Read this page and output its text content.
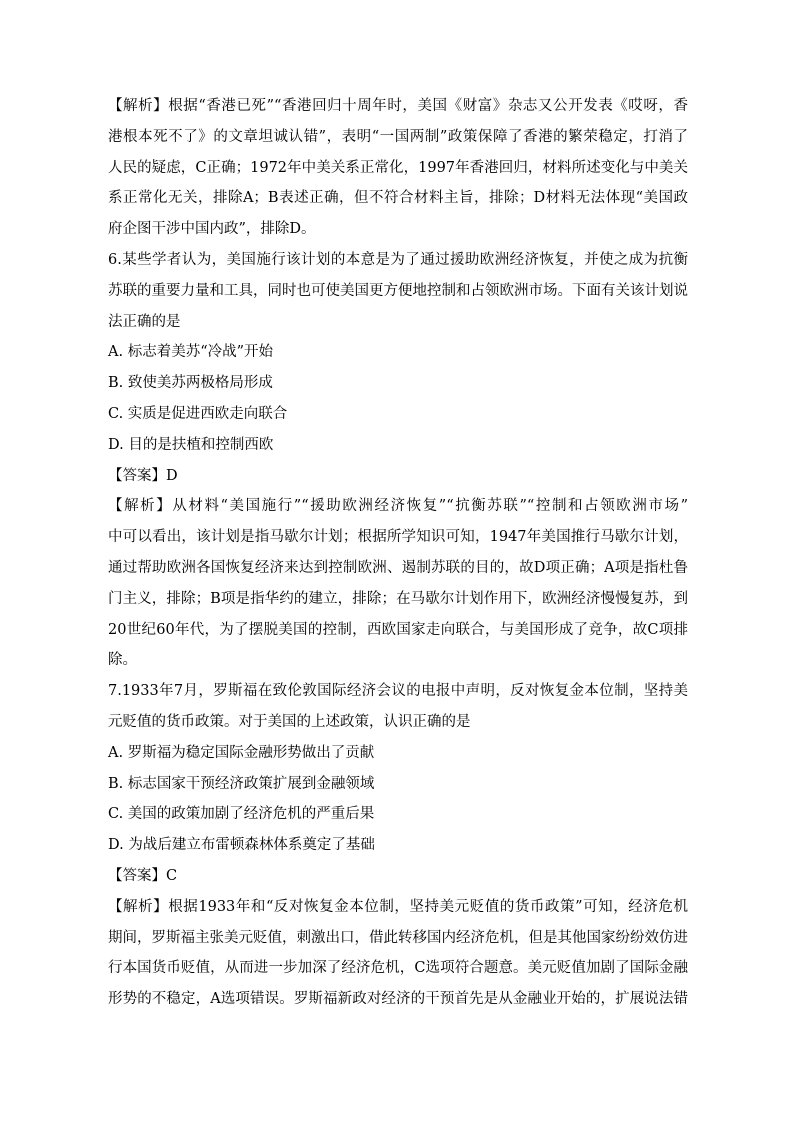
【解析】根据“香港已死”“香港回归十周年时，美国《财富》杂志又公开发表《哎呀，香
港根本死不了》的文章坦诚认错”，表明“一国两制”政策保障了香港的繁荣稳定，打消了
人民的疑虑，C正确；1972年中美关系正常化，1997年香港回归，材料所述变化与中美关
系正常化无关，排除A；B表述正确，但不符合材料主旨，排除；D材料无法体现“美国政
府企图干涉中国内政”，排除D。
6.某些学者认为，美国施行该计划的本意是为了通过援助欧洲经济恢复，并使之成为抗衡
苏联的重要力量和工具，同时也可使美国更方便地控制和占领欧洲市场。下面有关该计划说
法正确的是
A. 标志着美苏“冷战”开始
B. 致使美苏两极格局形成
C. 实质是促进西欧走向联合
D. 目的是扶植和控制西欧
【答案】D
【解析】从材料“美国施行”“援助欧洲经济恢复”“抗衡苏联”“控制和占领欧洲市场”
中可以看出，该计划是指马歇尔计划；根据所学知识可知，1947年美国推行马歇尔计划，
通过帮助欧洲各国恢复经济来达到控制欧洲、遏制苏联的目的，故D项正确；A项是指杜鲁
门主义，排除；B项是指华约的建立，排除；在马歇尔计划作用下，欧洲经济慢慢复苏，到
20世纪60年代，为了摆脱美国的控制，西欧国家走向联合，与美国形成了竞争，故C项排
除。
7.1933年7月，罗斯福在致伦敦国际经济会议的电报中声明，反对恢复金本位制，坚持美
元贬值的货币政策。对于美国的上述政策，认识正确的是
A. 罗斯福为稳定国际金融形势做出了贡献
B. 标志国家干预经济政策扩展到金融领域
C. 美国的政策加剧了经济危机的严重后果
D. 为战后建立布雷顿森林体系奠定了基础
【答案】C
【解析】根据1933年和“反对恢复金本位制，坚持美元贬值的货币政策”可知，经济危机
期间，罗斯福主张美元贬值，刺激出口，借此转移国内经济危机，但是其他国家纷纷效仿进
行本国货币贬值，从而进一步加深了经济危机，C选项符合题意。美元贬值加剧了国际金融
形势的不稳定，A选项错误。罗斯福新政对经济的干预首先是从金融业开始的，扩展说法错
